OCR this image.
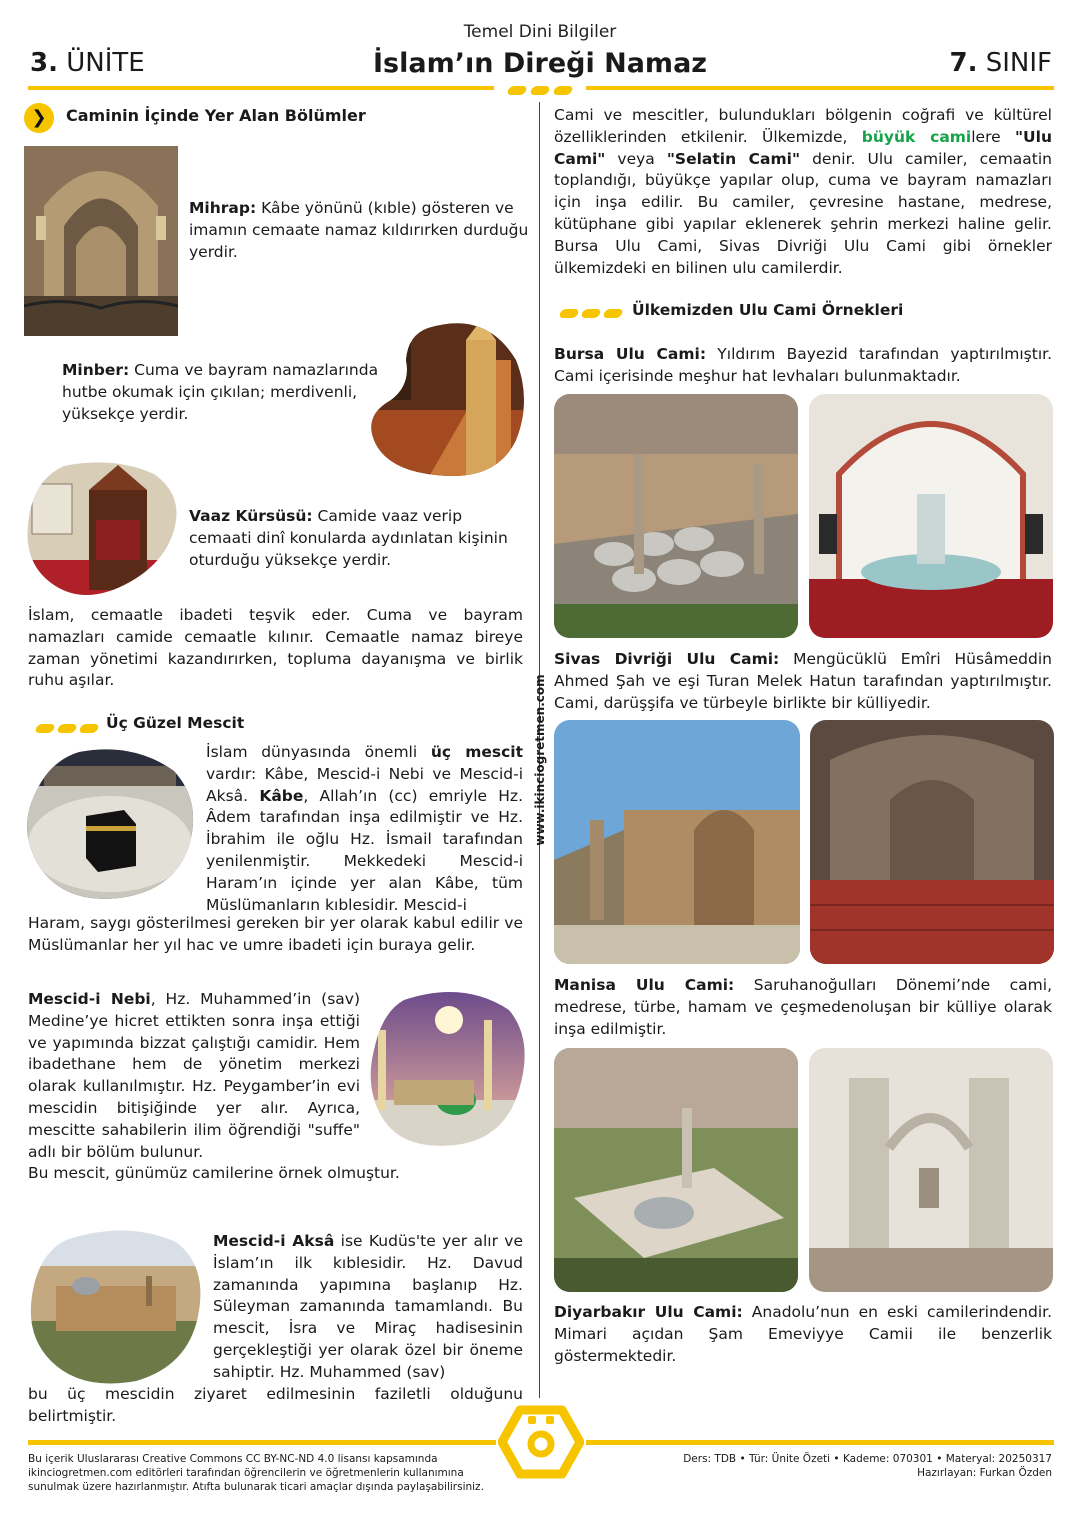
Temel Dini Bilgiler
3. ÜNİTE	İslam’ın Direği Namaz	7. SINIF
www.ikinciogretmen.com
❯	Caminin İçinde Yer Alan Bölümler
Mihrap: Kâbe yönünü (kıble) gösteren ve imamın cemaate namaz kıldırırken durduğu yerdir.
Minber: Cuma ve bayram namazlarında hutbe okumak için çıkılan; merdivenli, yüksekçe yerdir.
Vaaz Kürsüsü: Camide vaaz verip cemaati dinî konularda aydınlatan kişinin oturduğu yüksekçe yerdir.
İslam, cemaatle ibadeti teşvik eder. Cuma ve bayram namazları camide cemaatle kılınır. Cemaatle namaz bireye zaman yönetimi kazandırırken, topluma dayanışma ve birlik ruhu aşılar.
Üç Güzel Mescit
İslam dünyasında önemli üç mescit vardır: Kâbe, Mescid-i Nebi ve Mescid-i Aksâ. Kâbe, Allah’ın (cc) emriyle Hz. Âdem tarafından inşa edilmiştir ve Hz. İbrahim ile oğlu Hz. İsmail tarafından yenilenmiştir. Mekkedeki Mescid-i Haram’ın içinde yer alan Kâbe, tüm Müslümanların kıblesidir. Mescid-i
Haram, saygı gösterilmesi gereken bir yer olarak kabul edilir ve Müslümanlar her yıl hac ve umre ibadeti için buraya gelir.
Mescid-i Nebi, Hz. Muhammed’in (sav) Medine’ye hicret ettikten sonra inşa ettiği ve yapımında bizzat çalıştığı camidir. Hem ibadethane hem de yönetim merkezi olarak kullanılmıştır. Hz. Peygamber’in evi mescidin bitişiğinde yer alır. Ayrıca, mescitte sahabilerin ilim öğrendiği "suffe" adlı bir bölüm bulunur.
Bu mescit, günümüz camilerine örnek olmuştur.
Mescid-i Aksâ ise Kudüs'te yer alır ve İslam’ın ilk kıblesidir. Hz. Davud zamanında yapımına başlanıp Hz. Süleyman zamanında tamamlandı. Bu mescit, İsra ve Miraç hadisesinin gerçekleştiği yer olarak özel bir öneme sahiptir. Hz. Muhammed (sav)
bu üç mescidin ziyaret edilmesinin faziletli olduğunu belirtmiştir.
Cami ve mescitler, bulundukları bölgenin coğrafi ve kültürel özelliklerinden etkilenir. Ülkemizde, büyük camilere "Ulu Cami" veya "Selatin Cami" denir. Ulu camiler, cemaatin toplandığı, büyükçe yapılar olup, cuma ve bayram namazları için inşa edilir. Bu camiler, çevresine hastane, medrese, kütüphane gibi yapılar eklenerek şehrin merkezi haline gelir. Bursa Ulu Cami, Sivas Divriği Ulu Cami gibi örnekler ülkemizdeki en bilinen ulu camilerdir.
Ülkemizden Ulu Cami Örnekleri
Bursa Ulu Cami: Yıldırım Bayezid tarafından yaptırılmıştır. Cami içerisinde meşhur hat levhaları bulunmaktadır.
Sivas Divriği Ulu Cami: Mengücüklü Emîri Hüsâmeddin Ahmed Şah ve eşi Turan Melek Hatun tarafından yaptırılmıştır. Cami, darüşşifa ve türbeyle birlikte bir külliyedir.
Manisa Ulu Cami: Saruhanoğulları Dönemi’nde cami, medrese, türbe, hamam ve çeşmedenoluşan bir külliye olarak inşa edilmiştir.
Diyarbakır Ulu Cami: Anadolu’nun en eski camilerindendir. Mimari açıdan Şam Emeviyye Camii ile benzerlik göstermektedir.
Bu içerik Uluslararası Creative Commons CC BY-NC-ND 4.0 lisansı kapsamında
ikinciogretmen.com editörleri tarafından öğrencilerin ve öğretmenlerin kullanımına
sunulmak üzere hazırlanmıştır. Atıfta bulunarak ticari amaçlar dışında paylaşabilirsiniz.
Ders: TDB • Tür: Ünite Özeti • Kademe: 070301 • Materyal: 20250317
Hazırlayan: Furkan Özden
